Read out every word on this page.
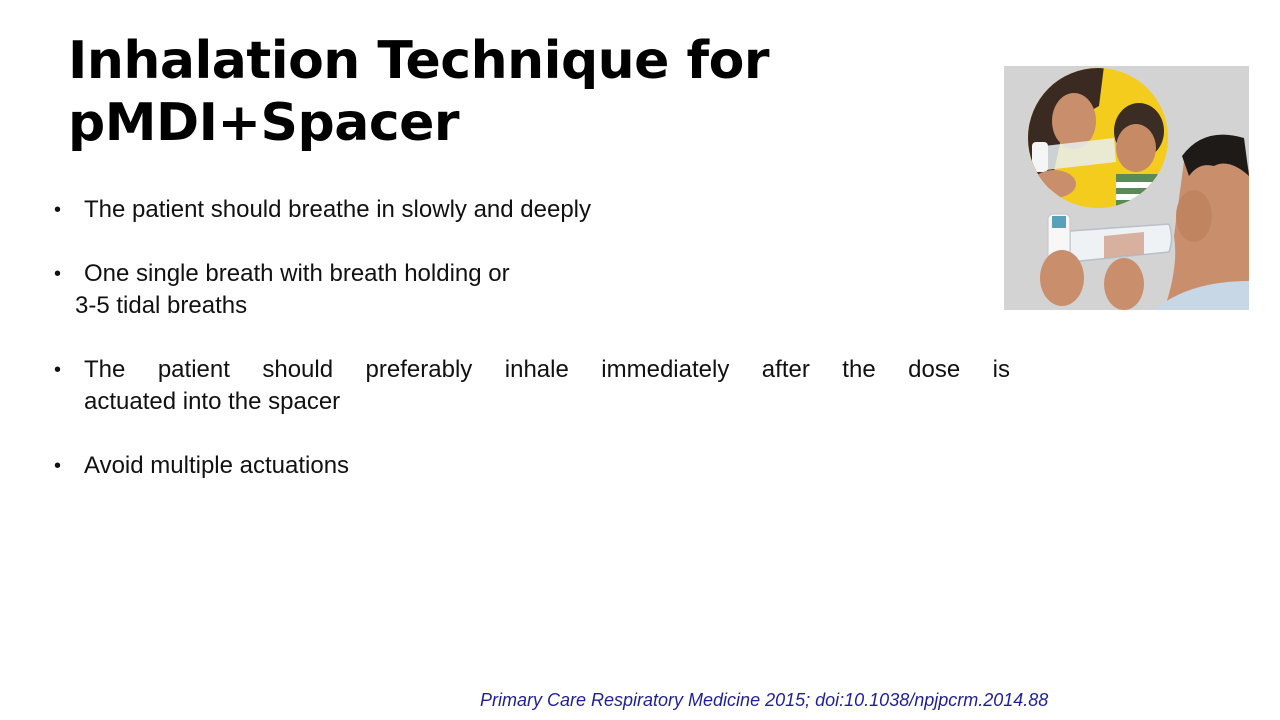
Inhalation Technique for
pMDI+Spacer
• The patient should breathe in slowly and deeply
• One single breath with breath holding or
3-5 tidal breaths
• The patient should preferably inhale immediately after the dose is
actuated into the spacer
• Avoid multiple actuations
Primary Care Respiratory Medicine 2015; doi:10.1038/npjpcrm.2014.88
